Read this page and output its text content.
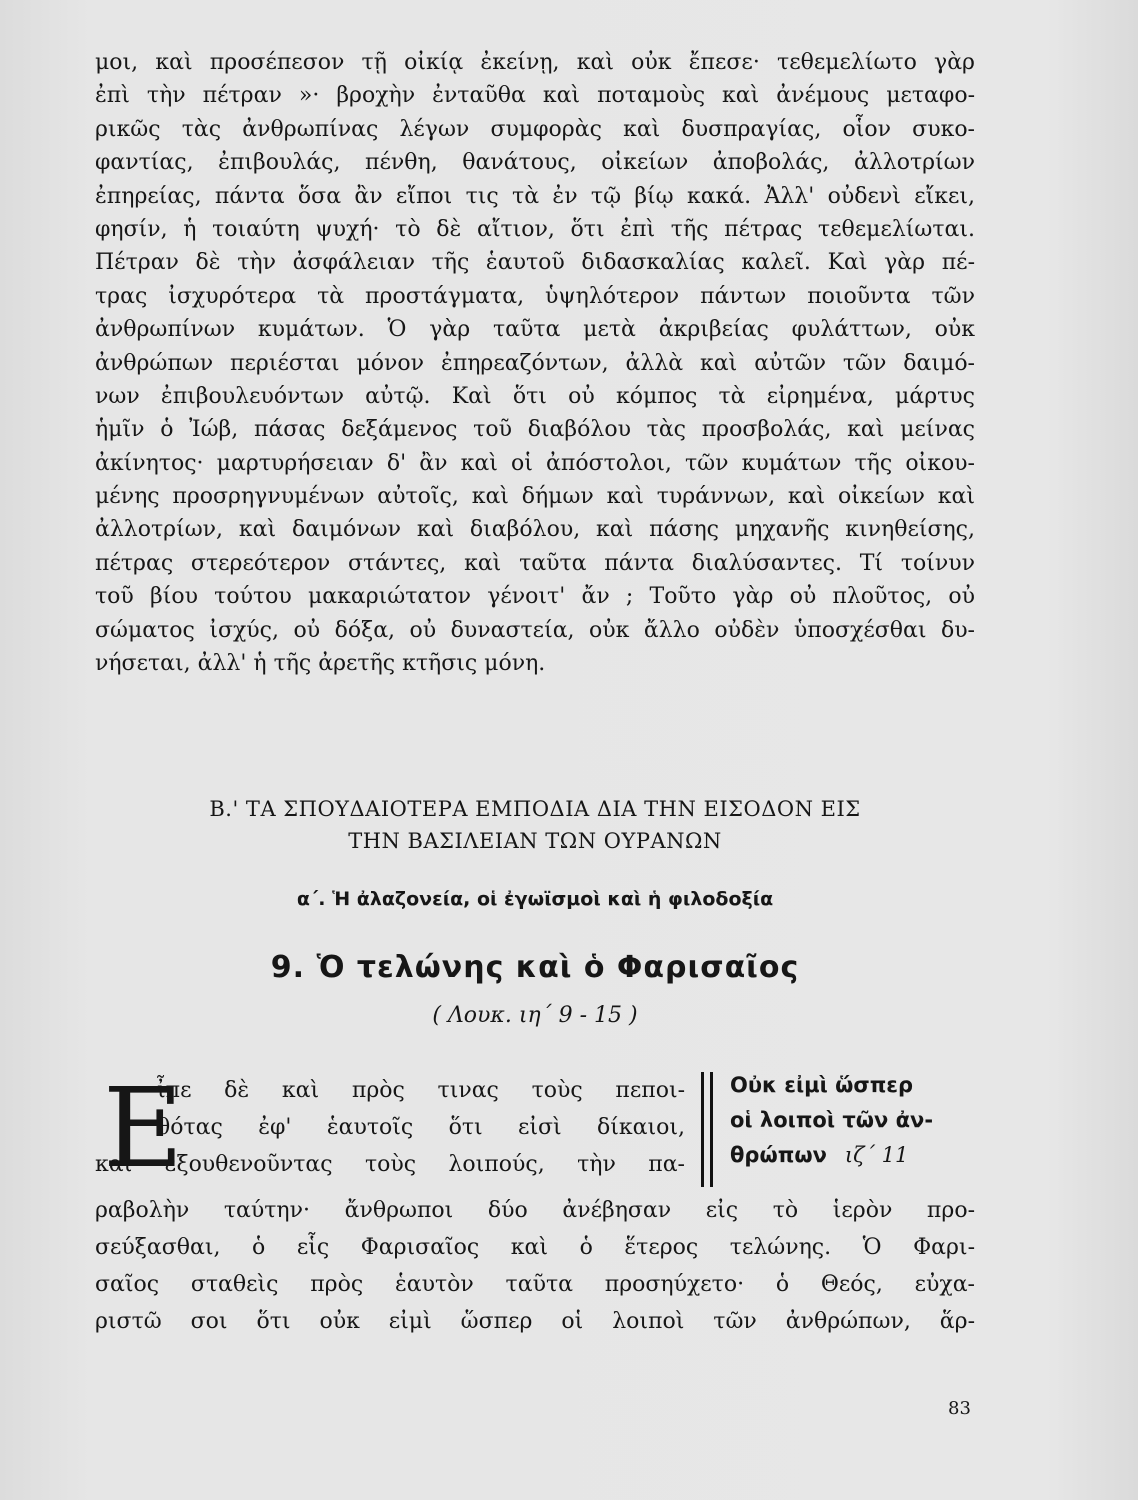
μοι, καὶ προσέπεσον τῇ οἰκίᾳ ἐκείνῃ, καὶ οὐκ ἔπεσε· τεθεμελίωτο γὰρ
ἐπὶ τὴν πέτραν »· βροχὴν ἐνταῦθα καὶ ποταμοὺς καὶ ἀνέμους μεταφο-
ρικῶς τὰς ἀνθρωπίνας λέγων συμφορὰς καὶ δυσπραγίας, οἷον συκο-
φαντίας, ἐπιβουλάς, πένθη, θανάτους, οἰκείων ἀποβολάς, ἀλλοτρίων
ἐπηρείας, πάντα ὅσα ἂν εἴποι τις τὰ ἐν τῷ βίῳ κακά. Ἀλλ' οὐδενὶ εἴκει,
φησίν, ἡ τοιαύτη ψυχή· τὸ δὲ αἴτιον, ὅτι ἐπὶ τῆς πέτρας τεθεμελίωται.
Πέτραν δὲ τὴν ἀσφάλειαν τῆς ἑαυτοῦ διδασκαλίας καλεῖ. Καὶ γὰρ πέ-
τρας ἰσχυρότερα τὰ προστάγματα, ὑψηλότερον πάντων ποιοῦντα τῶν
ἀνθρωπίνων κυμάτων. Ὁ γὰρ ταῦτα μετὰ ἀκριβείας φυλάττων, οὐκ
ἀνθρώπων περιέσται μόνον ἐπηρεαζόντων, ἀλλὰ καὶ αὐτῶν τῶν δαιμό-
νων ἐπιβουλευόντων αὐτῷ. Καὶ ὅτι οὐ κόμπος τὰ εἰρημένα, μάρτυς
ἡμῖν ὁ Ἰώβ, πάσας δεξάμενος τοῦ διαβόλου τὰς προσβολάς, καὶ μείνας
ἀκίνητος· μαρτυρήσειαν δ' ἂν καὶ οἱ ἀπόστολοι, τῶν κυμάτων τῆς οἰκου-
μένης προσρηγνυμένων αὐτοῖς, καὶ δήμων καὶ τυράννων, καὶ οἰκείων καὶ
ἀλλοτρίων, καὶ δαιμόνων καὶ διαβόλου, καὶ πάσης μηχανῆς κινηθείσης,
πέτρας στερεότερον στάντες, καὶ ταῦτα πάντα διαλύσαντες. Τί τοίνυν
τοῦ βίου τούτου μακαριώτατον γένοιτ' ἄν ; Τοῦτο γὰρ οὐ πλοῦτος, οὐ
σώματος ἰσχύς, οὐ δόξα, οὐ δυναστεία, οὐκ ἄλλο οὐδὲν ὑποσχέσθαι δυ-
νήσεται, ἀλλ' ἡ τῆς ἀρετῆς κτῆσις μόνη.
Β.' ΤΑ ΣΠΟΥΔΑΙΟΤΕΡΑ ΕΜΠΟΔΙΑ ΔΙΑ ΤΗΝ ΕΙΣΟΔΟΝ ΕΙΣ
ΤΗΝ ΒΑΣΙΛΕΙΑΝ ΤΩΝ ΟΥΡΑΝΩΝ
α΄. Ἡ ἀλαζονεία, οἱ ἐγωϊσμοὶ καὶ ἡ φιλοδοξία
9. Ὁ τελώνης καὶ ὁ Φαρισαῖος
( Λουκ. ιη΄ 9 - 15 )
Ε
ἶπε δὲ καὶ πρὸς τινας τοὺς πεποι-
θότας ἐφ' ἑαυτοῖς ὅτι εἰσὶ δίκαιοι,
καὶ ἐξουθενοῦντας τοὺς λοιπούς, τὴν πα-
Οὐκ εἰμὶ ὥσπερ
οἱ λοιποὶ τῶν ἀν-
θρώπων ιζ΄ 11
ραβολὴν ταύτην· ἄνθρωποι δύο ἀνέβησαν εἰς τὸ ἱερὸν προ-
σεύξασθαι, ὁ εἷς Φαρισαῖος καὶ ὁ ἕτερος τελώνης. Ὁ Φαρι-
σαῖος σταθεὶς πρὸς ἑαυτὸν ταῦτα προσηύχετο· ὁ Θεός, εὐχα-
ριστῶ σοι ὅτι οὐκ εἰμὶ ὥσπερ οἱ λοιποὶ τῶν ἀνθρώπων, ἅρ-
83
